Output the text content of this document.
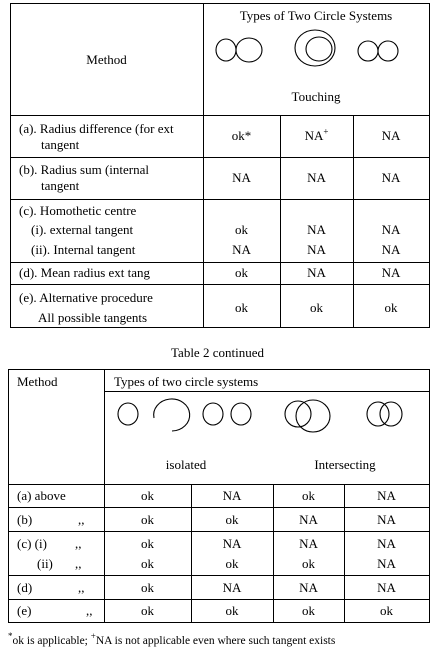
Method
Types of Two Circle Systems
Touching
(a). Radius difference (for ext
tangent
ok*	NA+	NA
(b). Radius sum (internal
tangent
NA	NA	NA
(c). Homothetic centre
(i). external tangent	ok	NA	NA
(ii). Internal tangent	NA	NA	NA
(d). Mean radius ext tang	ok	NA	NA
(e). Alternative procedure
All possible tangents
ok	ok	ok
Table 2 continued
Method	Types of two circle systems
isolated	Intersecting
(a) above	ok	NA	ok	NA
(b)	,,	ok	ok	NA	NA
(c) (i) ,,	ok	NA	NA	NA
(ii) ,,	ok	ok	ok	NA
(d)	,,	ok	NA	NA	NA
(e)	,,	ok	ok	ok	ok
*ok is applicable; +NA is not applicable even where such tangent exists
